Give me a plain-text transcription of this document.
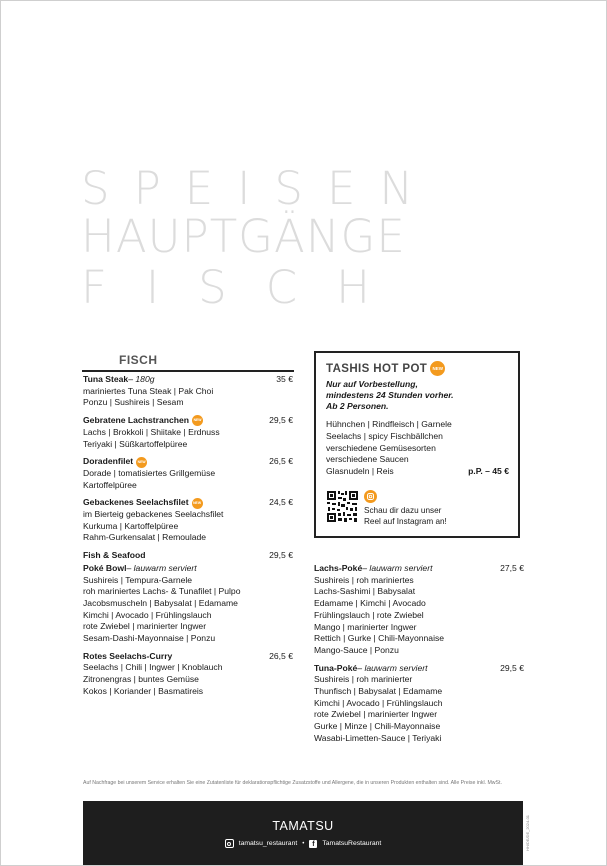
SPEISEN
HAUPTGÄNGE
FISCH
FISCH
Tuna Steak – 180g	35 €
mariniertes Tuna Steak | Pak Choi
Ponzu | Sushireis | Sesam
Gebratene Lachstranchen	NEW	29,5 €
Lachs | Brokkoli | Shiitake | Erdnuss
Teriyaki | Süßkartoffelpüree
Doradenfilet	NEW	26,5 €
Dorade | tomatisiertes Grillgemüse
Kartoffelpüree
Gebackenes Seelachsfilet	NEW	24,5 €
im Bierteig gebackenes Seelachsfilet
Kurkuma | Kartoffelpüree
Rahm-Gurkensalat | Remoulade
Fish & Seafood	29,5 €
Poké Bowl – lauwarm serviert
Sushireis | Tempura-Garnele
roh mariniertes Lachs- & Tunafilet | Pulpo
Jacobsmuscheln | Babysalat | Edamame
Kimchi | Avocado | Frühlingslauch
rote Zwiebel | marinierter Ingwer
Sesam-Dashi-Mayonnaise | Ponzu
Rotes Seelachs-Curry	26,5 €
Seelachs | Chili | Ingwer | Knoblauch
Zitronengras | buntes Gemüse
Kokos | Koriander | Basmatireis
TASHIS HOT POT	NEW
Nur auf Vorbestellung,
mindestens 24 Stunden vorher.
Ab 2 Personen.
Hühnchen | Rindfleisch | Garnele
Seelachs | spicy Fischbällchen
verschiedene Gemüsesorten
verschiedene Saucen
Glasnudeln | Reis	p.P. – 45 €
Schau dir dazu unser
Reel auf Instagram an!
Lachs-Poké – lauwarm serviert	27,5 €
Sushireis | roh mariniertes
Lachs-Sashimi | Babysalat
Edamame | Kimchi | Avocado
Frühlingslauch | rote Zwiebel
Mango | marinierter Ingwer
Rettich | Gurke | Chili-Mayonnaise
Mango-Sauce | Ponzu
Tuna-Poké – lauwarm serviert	29,5 €
Sushireis | roh marinierter
Thunfisch | Babysalat | Edamame
Kimchi | Avocado | Frühlingslauch
rote Zwiebel | marinierter Ingwer
Gurke | Minze | Chili-Mayonnaise
Wasabi-Limetten-Sauce | Teriyaki
Auf Nachfrage bei unserem Service erhalten Sie eine Zutatenliste für deklarationspflichtige Zusatzstoffe und Allergene, die in unseren Produkten enthalten sind. Alle Preise inkl. MwSt.
TAMATSU
tamatsu_restaurant •	f	TamatsuRestaurant	HH/DE/DE_2024-01
